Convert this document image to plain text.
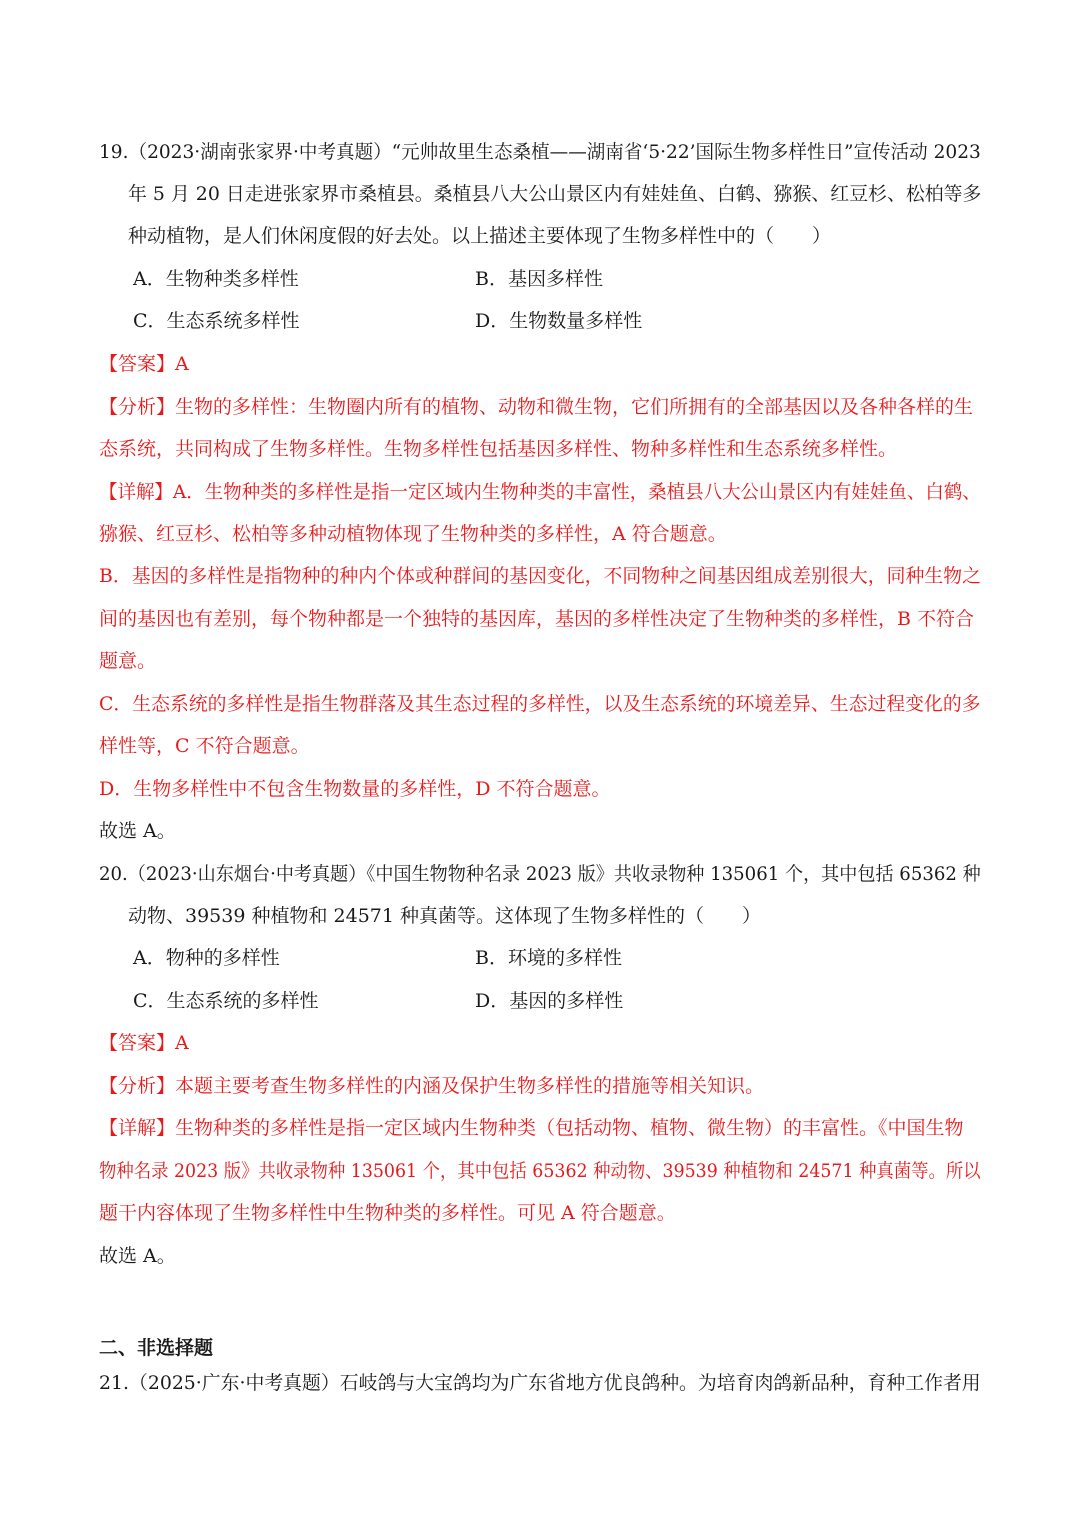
19.（2023·湖南张家界·中考真题）“元帅故里生态桑植——湖南省‘5·22’国际生物多样性日”宣传活动 2023
年 5 月 20 日走进张家界市桑植县。桑植县八大公山景区内有娃娃鱼、白鹤、猕猴、红豆杉、松柏等多
种动植物，是人们休闲度假的好去处。以上描述主要体现了生物多样性中的（　　）
A．生物种类多样性	B．基因多样性
C．生态系统多样性	D．生物数量多样性
【答案】A
【分析】生物的多样性：生物圈内所有的植物、动物和微生物，它们所拥有的全部基因以及各种各样的生
态系统，共同构成了生物多样性。生物多样性包括基因多样性、物种多样性和生态系统多样性。
【详解】A．生物种类的多样性是指一定区域内生物种类的丰富性，桑植县八大公山景区内有娃娃鱼、白鹤、
猕猴、红豆杉、松柏等多种动植物体现了生物种类的多样性，A 符合题意。
B．基因的多样性是指物种的种内个体或种群间的基因变化，不同物种之间基因组成差别很大，同种生物之
间的基因也有差别，每个物种都是一个独特的基因库，基因的多样性决定了生物种类的多样性，B 不符合
题意。
C．生态系统的多样性是指生物群落及其生态过程的多样性，以及生态系统的环境差异、生态过程变化的多
样性等，C 不符合题意。
D．生物多样性中不包含生物数量的多样性，D 不符合题意。
故选 A。
20.（2023·山东烟台·中考真题）《中国生物物种名录 2023 版》共收录物种 135061 个，其中包括 65362 种
动物、39539 种植物和 24571 种真菌等。这体现了生物多样性的（　　）
A．物种的多样性	B．环境的多样性
C．生态系统的多样性	D．基因的多样性
【答案】A
【分析】本题主要考查生物多样性的内涵及保护生物多样性的措施等相关知识。
【详解】生物种类的多样性是指一定区域内生物种类（包括动物、植物、微生物）的丰富性。《中国生物
物种名录 2023 版》共收录物种 135061 个，其中包括 65362 种动物、39539 种植物和 24571 种真菌等。所以
题干内容体现了生物多样性中生物种类的多样性。可见 A 符合题意。
故选 A。
二、非选择题
21.（2025·广东·中考真题）石岐鸽与大宝鸽均为广东省地方优良鸽种。为培育肉鸽新品种，育种工作者用
